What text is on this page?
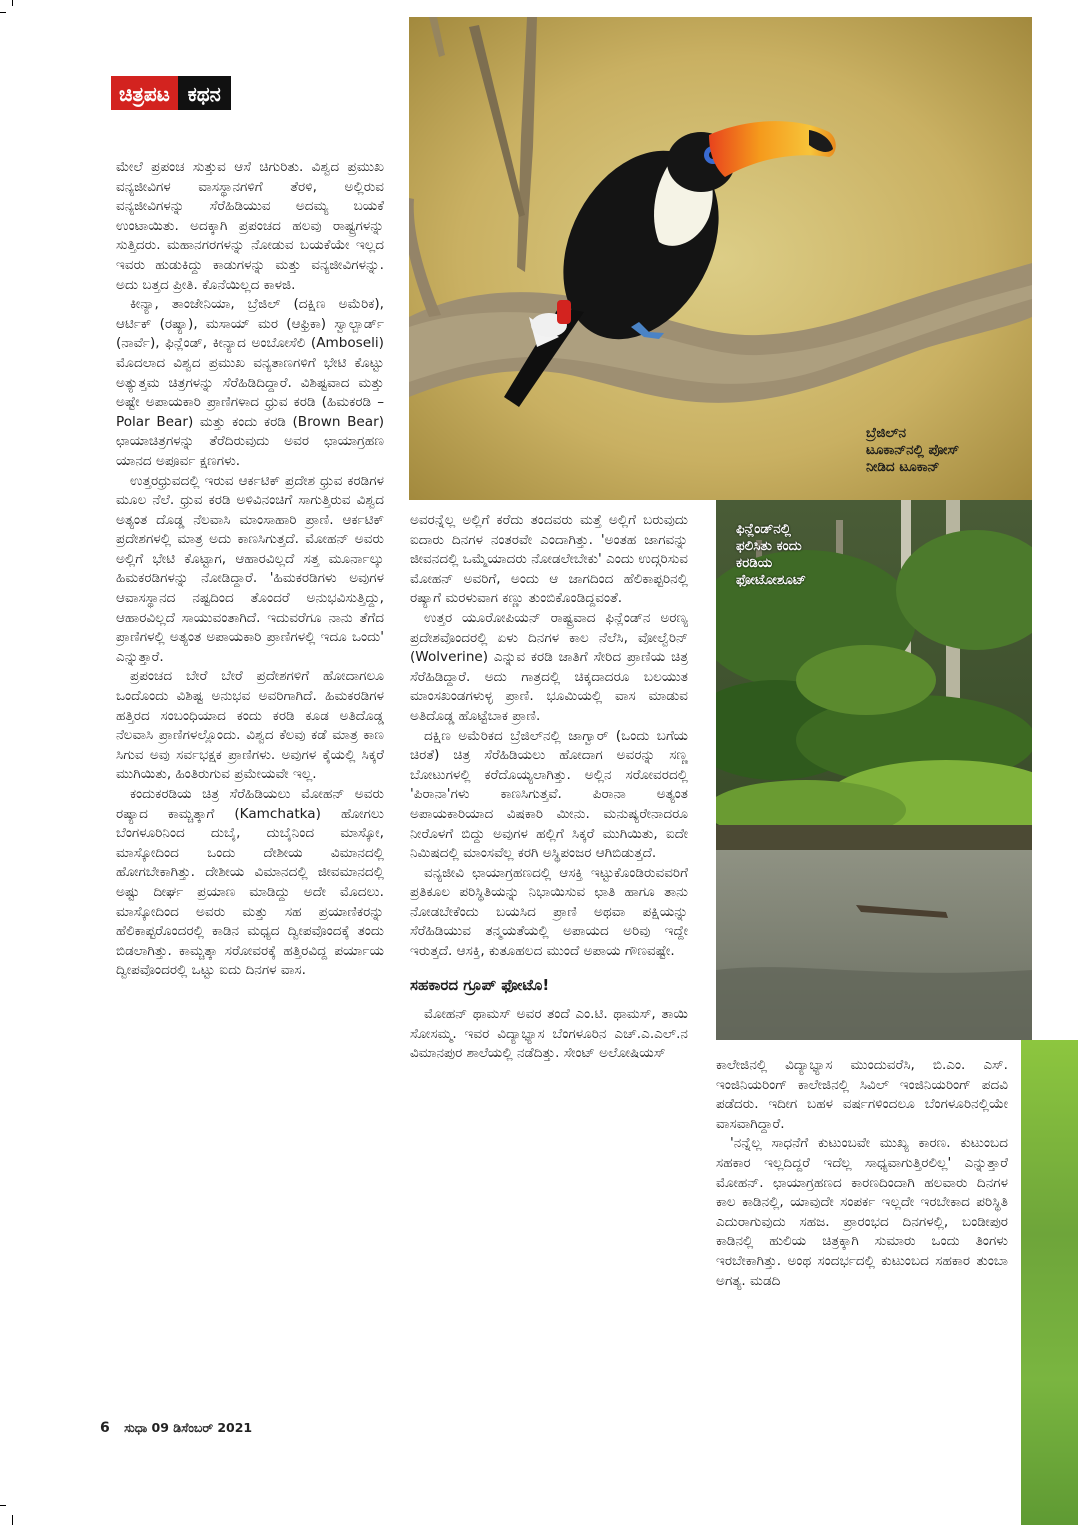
ಚಿತ್ರಪಟ ಕಥನ
ಬ್ರೆಜಿಲ್‌ನ
ಟೂಕಾನ್‌ನಲ್ಲಿ ಪೋಸ್
ನೀಡಿದ ಟೂಕಾನ್
ಫಿನ್ಲೆಂಡ್‌ನಲ್ಲಿ
ಫಲಿಸಿತು ಕಂದು
ಕರಡಿಯ
ಫೋಟೋಶೂಟ್

ಮೇಲೆ ಪ್ರಪಂಚ ಸುತ್ತುವ ಆಸೆ ಚಿಗುರಿತು. ವಿಶ್ವದ ಪ್ರಮುಖ ವನ್ಯಜೀವಿಗಳ ವಾಸಸ್ಥಾನಗಳಿಗೆ ತೆರಳಿ, ಅಲ್ಲಿರುವ ವನ್ಯಜೀವಿಗಳನ್ನು ಸೆರೆಹಿಡಿಯುವ ಅದಮ್ಯ ಬಯಕೆ ಉಂಟಾಯಿತು. ಅದಕ್ಕಾಗಿ ಪ್ರಪಂಚದ ಹಲವು ರಾಷ್ಟ್ರಗಳನ್ನು ಸುತ್ತಿದರು. ಮಹಾನಗರಗಳನ್ನು ನೋಡುವ ಬಯಕೆಯೇ ಇಲ್ಲದ ಇವರು ಹುಡುಕಿದ್ದು ಕಾಡುಗಳನ್ನು ಮತ್ತು ವನ್ಯಜೀವಿಗಳನ್ನು. ಅದು ಬತ್ತದ ಪ್ರೀತಿ. ಕೊನೆಯಿಲ್ಲದ ಕಾಳಜಿ.

ಕೀನ್ಯಾ, ತಾಂಜೇನಿಯಾ, ಬ್ರೆಜಿಲ್ (ದಕ್ಷಿಣ ಅಮೆರಿಕ), ಆರ್ಟಿಕ್ (ರಷ್ಯಾ), ಮಸಾಯ್ ಮರ (ಆಫ್ರಿಕಾ) ಸ್ವಾಲ್ಬಾರ್ಡ್ (ನಾರ್ವೆ), ಫಿನ್ಲೆಂಡ್, ಕೀನ್ಯಾದ ಅಂಬೋಸೆಲಿ (Amboseli) ಮೊದಲಾದ ವಿಶ್ವದ ಪ್ರಮುಖ ವನ್ಯತಾಣಗಳಿಗೆ ಭೇಟಿ ಕೊಟ್ಟು ಅತ್ಯುತ್ತಮ ಚಿತ್ರಗಳನ್ನು ಸೆರೆಹಿಡಿದಿದ್ದಾರೆ. ವಿಶಿಷ್ಟವಾದ ಮತ್ತು ಅಷ್ಟೇ ಅಪಾಯಕಾರಿ ಪ್ರಾಣಿಗಳಾದ ಧ್ರುವ ಕರಡಿ (ಹಿಮಕರಡಿ – Polar Bear) ಮತ್ತು ಕಂದು ಕರಡಿ (Brown Bear) ಛಾಯಾಚಿತ್ರಗಳನ್ನು ತೆರೆದಿರುವುದು ಅವರ ಛಾಯಾಗ್ರಹಣ ಯಾನದ ಅಪೂರ್ವ ಕ್ಷಣಗಳು.

ಉತ್ತರಧ್ರುವದಲ್ಲಿ ಇರುವ ಆರ್ಕಟಿಕ್ ಪ್ರದೇಶ ಧ್ರುವ ಕರಡಿಗಳ ಮೂಲ ನೆಲೆ. ಧ್ರುವ ಕರಡಿ ಅಳಿವಿನಂಚಿಗೆ ಸಾಗುತ್ತಿರುವ ವಿಶ್ವದ ಅತ್ಯಂತ ದೊಡ್ಡ ನೆಲವಾಸಿ ಮಾಂಸಾಹಾರಿ ಪ್ರಾಣಿ. ಆರ್ಕಟಿಕ್ ಪ್ರದೇಶಗಳಲ್ಲಿ ಮಾತ್ರ ಅದು ಕಾಣಸಿಗುತ್ತದೆ. ಮೋಹನ್ ಅವರು ಅಲ್ಲಿಗೆ ಭೇಟಿ ಕೊಟ್ಟಾಗ, ಆಹಾರವಿಲ್ಲದೆ ಸತ್ತ ಮೂರ್ನಾಲ್ಕು ಹಿಮಕರಡಿಗಳನ್ನು ನೋಡಿದ್ದಾರೆ. 'ಹಿಮಕರಡಿಗಳು ಅವುಗಳ ಆವಾಸಸ್ಥಾನದ ನಷ್ಟದಿಂದ ತೊಂದರೆ ಅನುಭವಿಸುತ್ತಿದ್ದು, ಆಹಾರವಿಲ್ಲದೆ ಸಾಯುವಂತಾಗಿದೆ. ಇದುವರೆಗೂ ನಾನು ತೆಗೆದ ಪ್ರಾಣಿಗಳಲ್ಲಿ ಅತ್ಯಂತ ಅಪಾಯಕಾರಿ ಪ್ರಾಣಿಗಳಲ್ಲಿ ಇದೂ ಒಂದು' ಎನ್ನುತ್ತಾರೆ.

ಪ್ರಪಂಚದ ಬೇರೆ ಬೇರೆ ಪ್ರದೇಶಗಳಿಗೆ ಹೋದಾಗಲೂ ಒಂದೊಂದು ವಿಶಿಷ್ಟ ಅನುಭವ ಅವರಿಗಾಗಿದೆ. ಹಿಮಕರಡಿಗಳ ಹತ್ತಿರದ ಸಂಬಂಧಿಯಾದ ಕಂದು ಕರಡಿ ಕೂಡ ಅತಿದೊಡ್ಡ ನೆಲವಾಸಿ ಪ್ರಾಣಿಗಳಲ್ಲೊಂದು. ವಿಶ್ವದ ಕೆಲವು ಕಡೆ ಮಾತ್ರ ಕಾಣ ಸಿಗುವ ಅವು ಸರ್ವಭಕ್ಷಕ ಪ್ರಾಣಿಗಳು. ಅವುಗಳ ಕೈಯಲ್ಲಿ ಸಿಕ್ಕರೆ ಮುಗಿಯಿತು, ಹಿಂತಿರುಗುವ ಪ್ರಮೇಯವೇ ಇಲ್ಲ.

ಕಂದುಕರಡಿಯ ಚಿತ್ರ ಸೆರೆಹಿಡಿಯಲು ಮೋಹನ್ ಅವರು ರಷ್ಯಾದ ಕಾಮ್ಚತ್ಕಾಗೆ (Kamchatka) ಹೋಗಲು ಬೆಂಗಳೂರಿನಿಂದ ದುಬೈ, ದುಬೈನಿಂದ ಮಾಸ್ಕೋ, ಮಾಸ್ಕೋದಿಂದ ಒಂದು ದೇಶೀಯ ವಿಮಾನದಲ್ಲಿ ಹೋಗಬೇಕಾಗಿತ್ತು. ದೇಶೀಯ ವಿಮಾನದಲ್ಲಿ ಜೀವಮಾನದಲ್ಲಿ ಅಷ್ಟು ದೀರ್ಘ ಪ್ರಯಾಣ ಮಾಡಿದ್ದು ಅದೇ ಮೊದಲು. ಮಾಸ್ಕೋದಿಂದ ಅವರು ಮತ್ತು ಸಹ ಪ್ರಯಾಣಿಕರನ್ನು ಹೆಲಿಕಾಪ್ಟರೊಂದರಲ್ಲಿ ಕಾಡಿನ ಮಧ್ಯದ ದ್ವೀಪವೊಂದಕ್ಕೆ ತಂದು ಬಿಡಲಾಗಿತ್ತು. ಕಾಮ್ಚತ್ಕಾ ಸರೋವರಕ್ಕೆ ಹತ್ತಿರವಿದ್ದ ಪರ್ಯಾಯ ದ್ವೀಪವೊಂದರಲ್ಲಿ ಒಟ್ಟು ಐದು ದಿನಗಳ ವಾಸ.

ಅವರನ್ನೆಲ್ಲ ಅಲ್ಲಿಗೆ ಕರೆದು ತಂದವರು ಮತ್ತೆ ಅಲ್ಲಿಗೆ ಬರುವುದು ಐದಾರು ದಿನಗಳ ನಂತರವೇ ಎಂದಾಗಿತ್ತು. 'ಅಂತಹ ಜಾಗವನ್ನು ಜೀವನದಲ್ಲಿ ಒಮ್ಮೆಯಾದರು ನೋಡಲೇಬೇಕು' ಎಂದು ಉದ್ಗರಿಸುವ ಮೋಹನ್ ಅವರಿಗೆ, ಅಂದು ಆ ಜಾಗದಿಂದ ಹೆಲಿಕಾಪ್ಟರಿನಲ್ಲಿ ರಷ್ಯಾಗೆ ಮರಳುವಾಗ ಕಣ್ಣು ತುಂಬಿಕೊಂಡಿದ್ದವಂತೆ.

ಉತ್ತರ ಯೂರೋಪಿಯನ್ ರಾಷ್ಟ್ರವಾದ ಫಿನ್ಲೆಂಡ್‌ನ ಅರಣ್ಯ ಪ್ರದೇಶವೊಂದರಲ್ಲಿ ಏಳು ದಿನಗಳ ಕಾಲ ನೆಲೆಸಿ, ವೋಲ್ವೆರಿನ್ (Wolverine) ಎನ್ನುವ ಕರಡಿ ಜಾತಿಗೆ ಸೇರಿದ ಪ್ರಾಣಿಯ ಚಿತ್ರ ಸೆರೆಹಿಡಿದ್ದಾರೆ. ಅದು ಗಾತ್ರದಲ್ಲಿ ಚಿಕ್ಕದಾದರೂ ಬಲಯುತ ಮಾಂಸಖಂಡಗಳುಳ್ಳ ಪ್ರಾಣಿ. ಭೂಮಿಯಲ್ಲಿ ವಾಸ ಮಾಡುವ ಅತಿದೊಡ್ಡ ಹೊಟ್ಟೆಬಾಕ ಪ್ರಾಣಿ.

ದಕ್ಷಿಣ ಅಮೆರಿಕದ ಬ್ರೆಜಿಲ್‌ನಲ್ಲಿ ಜಾಗ್ವಾರ್ (ಒಂದು ಬಗೆಯ ಚಿರತೆ) ಚಿತ್ರ ಸೆರೆಹಿಡಿಯಲು ಹೋದಾಗ ಅವರನ್ನು ಸಣ್ಣ ಬೋಟುಗಳಲ್ಲಿ ಕರೆದೊಯ್ಯಲಾಗಿತ್ತು. ಅಲ್ಲಿನ ಸರೋವರದಲ್ಲಿ 'ಪಿರಾನಾ'ಗಳು ಕಾಣಸಿಗುತ್ತವೆ. ಪಿರಾನಾ ಅತ್ಯಂತ ಅಪಾಯಕಾರಿಯಾದ ವಿಷಕಾರಿ ಮೀನು. ಮನುಷ್ಯರೇನಾದರೂ ನೀರೊಳಗೆ ಬಿದ್ದು ಅವುಗಳ ಹಲ್ಲಿಗೆ ಸಿಕ್ಕರೆ ಮುಗಿಯಿತು, ಐದೇ ನಿಮಿಷದಲ್ಲಿ ಮಾಂಸವೆಲ್ಲ ಕರಗಿ ಅಸ್ಥಿಪಂಜರ ಆಗಿಬಿಡುತ್ತದೆ.

ವನ್ಯಜೀವಿ ಛಾಯಾಗ್ರಹಣದಲ್ಲಿ ಆಸಕ್ತಿ ಇಟ್ಟುಕೊಂಡಿರುವವರಿಗೆ ಪ್ರತಿಕೂಲ ಪರಿಸ್ಥಿತಿಯನ್ನು ನಿಭಾಯಿಸುವ ಛಾತಿ ಹಾಗೂ ತಾನು ನೋಡಬೇಕೆಂದು ಬಯಸಿದ ಪ್ರಾಣಿ ಅಥವಾ ಪಕ್ಷಿಯನ್ನು ಸೆರೆಹಿಡಿಯುವ ತನ್ಮಯತೆಯಲ್ಲಿ ಅಪಾಯದ ಅರಿವು ಇದ್ದೇ ಇರುತ್ತದೆ. ಆಸಕ್ತಿ, ಕುತೂಹಲದ ಮುಂದೆ ಅಪಾಯ ಗೌಣವಷ್ಟೇ.

ಸಹಕಾರದ ಗ್ರೂಪ್ ಫೋಟೊ!

ಮೋಹನ್ ಥಾಮಸ್ ಅವರ ತಂದೆ ಎಂ.ಟಿ. ಥಾಮಸ್, ತಾಯಿ ಸೋಸಮ್ಮ. ಇವರ ವಿದ್ಯಾಭ್ಯಾಸ ಬೆಂಗಳೂರಿನ ಎಚ್.ಎ.ಎಲ್.ನ ವಿಮಾನಪುರ ಶಾಲೆಯಲ್ಲಿ ನಡೆದಿತ್ತು. ಸೇಂಟ್ ಅಲೋಷಿಯಸ್

ಕಾಲೇಜಿನಲ್ಲಿ ವಿದ್ಯಾಭ್ಯಾಸ ಮುಂದುವರೆಸಿ, ಬಿ.ಎಂ. ಎಸ್. ಇಂಜಿನಿಯರಿಂಗ್ ಕಾಲೇಜಿನಲ್ಲಿ ಸಿವಿಲ್ ಇಂಜಿನಿಯರಿಂಗ್ ಪದವಿ ಪಡೆದರು. ಇದೀಗ ಬಹಳ ವರ್ಷಗಳಿಂದಲೂ ಬೆಂಗಳೂರಿನಲ್ಲಿಯೇ ವಾಸವಾಗಿದ್ದಾರೆ.

'ನನ್ನೆಲ್ಲ ಸಾಧನೆಗೆ ಕುಟುಂಬವೇ ಮುಖ್ಯ ಕಾರಣ. ಕುಟುಂಬದ ಸಹಕಾರ ಇಲ್ಲದಿದ್ದರೆ ಇದೆಲ್ಲ ಸಾಧ್ಯವಾಗುತ್ತಿರಲಿಲ್ಲ' ಎನ್ನುತ್ತಾರೆ ಮೋಹನ್. ಛಾಯಾಗ್ರಹಣದ ಕಾರಣದಿಂದಾಗಿ ಹಲವಾರು ದಿನಗಳ ಕಾಲ ಕಾಡಿನಲ್ಲಿ, ಯಾವುದೇ ಸಂಪರ್ಕ ಇಲ್ಲದೇ ಇರಬೇಕಾದ ಪರಿಸ್ಥಿತಿ ಎದುರಾಗುವುದು ಸಹಜ. ಪ್ರಾರಂಭದ ದಿನಗಳಲ್ಲಿ, ಬಂಡೀಪುರ ಕಾಡಿನಲ್ಲಿ ಹುಲಿಯ ಚಿತ್ರಕ್ಕಾಗಿ ಸುಮಾರು ಒಂದು ತಿಂಗಳು ಇರಬೇಕಾಗಿತ್ತು. ಅಂಥ ಸಂದರ್ಭದಲ್ಲಿ ಕುಟುಂಬದ ಸಹಕಾರ ತುಂಬಾ ಅಗತ್ಯ. ಮಡದಿ

6 ಸುಧಾ 09 ಡಿಸೆಂಬರ್ 2021
